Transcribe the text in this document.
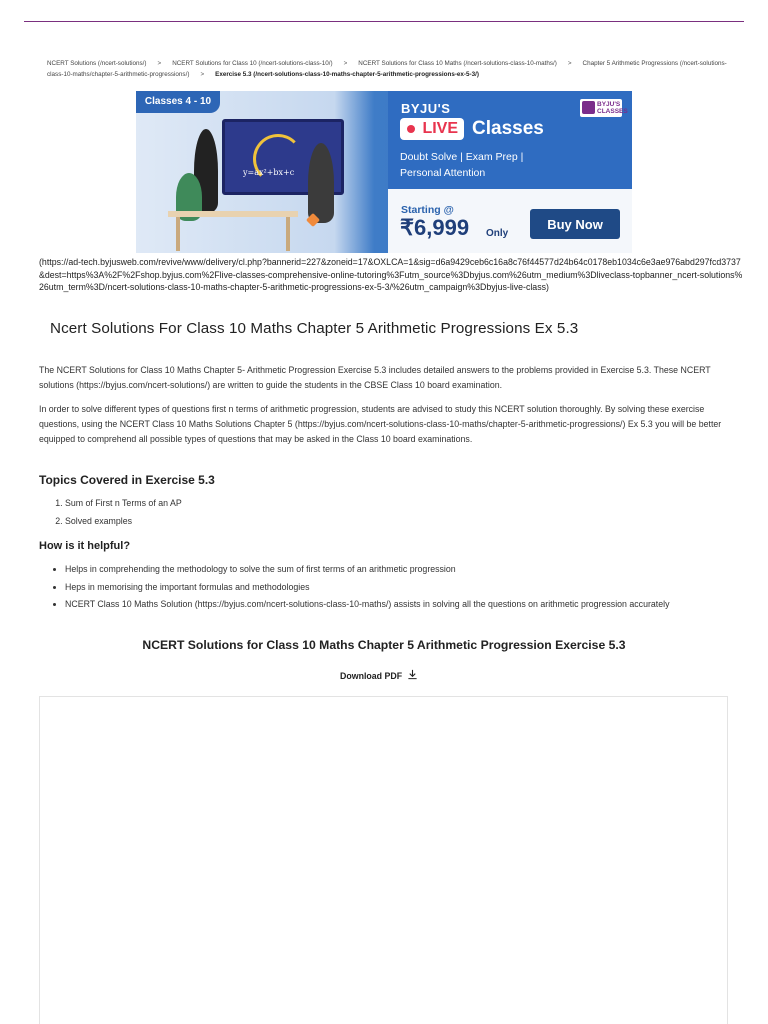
NCERT Solutions (/ncert-solutions/) > NCERT Solutions for Class 10 (/ncert-solutions-class-10/) > NCERT Solutions for Class 10 Maths (/ncert-solutions-class-10-maths/) > Chapter 5 Arithmetic Progressions (/ncert-solutions-class-10-maths/chapter-5-arithmetic-progressions/) > Exercise 5.3 (/ncert-solutions-class-10-maths-chapter-5-arithmetic-progressions-ex-5-3/)
Classes 4 - 10
y=ax²+bx+c
BYJU'S	BYJU'S CLASSES
LIVE Classes
Doubt Solve | Exam Prep |
Personal Attention
Starting @
₹6,999 Only
Buy Now
(https://ad-tech.byjusweb.com/revive/www/delivery/cl.php?bannerid=227&zoneid=17&OXLCA=1&sig=d6a9429ceb6c16a8c76f44577d24b64c0178eb1034c6e3ae976abd297fcd3737&dest=https%3A%2F%2Fshop.byjus.com%2Flive-classes-comprehensive-online-tutoring%3Futm_source%3Dbyjus.com%26utm_medium%3Dliveclass-topbanner_ncert-solutions%26utm_term%3D/ncert-solutions-class-10-maths-chapter-5-arithmetic-progressions-ex-5-3/%26utm_campaign%3Dbyjus-live-class)
Ncert Solutions For Class 10 Maths Chapter 5 Arithmetic Progressions Ex 5.3

The NCERT Solutions for Class 10 Maths Chapter 5- Arithmetic Progression Exercise 5.3 includes detailed answers to the problems provided in Exercise 5.3. These NCERT solutions (https://byjus.com/ncert-solutions/) are written to guide the students in the CBSE Class 10 board examination.

In order to solve different types of questions first n terms of arithmetic progression, students are advised to study this NCERT solution thoroughly. By solving these exercise questions, using the NCERT Class 10 Maths Solutions Chapter 5 (https://byjus.com/ncert-solutions-class-10-maths/chapter-5-arithmetic-progressions/) Ex 5.3 you will be better equipped to comprehend all possible types of questions that may be asked in the Class 10 board examinations.

Topics Covered in Exercise 5.3
1. Sum of First n Terms of an AP
2. Solved examples
How is it helpful?
• Helps in comprehending the methodology to solve the sum of first terms of an arithmetic progression
• Heps in memorising the important formulas and methodologies
• NCERT Class 10 Maths Solution (https://byjus.com/ncert-solutions-class-10-maths/) assists in solving all the questions on arithmetic progression accurately
NCERT Solutions for Class 10 Maths Chapter 5 Arithmetic Progression Exercise 5.3
Download PDF
